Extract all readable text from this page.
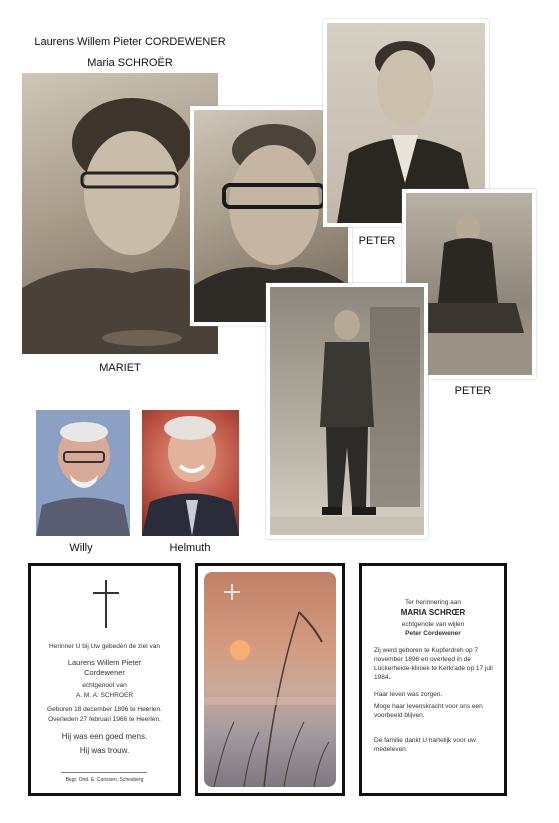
Laurens Willem Pieter CORDEWENER
Maria SCHROËR
MARIET
PETER
PETER
Willy	Helmuth
Herinner U bij Uw gebeden de ziel van
Laurens Willem Pieter
Cordewener
echtgenoot van
A. M. A. SCHROER
Geboren 18 december 1896 te Heerlen.
Overleden 27 februari 1966 te Heerlen.
Hij was een goed mens.
Hij was trouw.
Begr. Ond. E. Corissen, Schesberg
Ter herinnering aan
MARIA SCHRŒR
echtgenote van wijlen
Peter Cordewener
Zij werd geboren te Kupferdreh op 7 november 1896 en overleed in de Lückerheide-kliniek te Kerkrade op 17 juli 1984.
Haar leven was zorgen.
Moge haar levenskracht voor ons een voorbeeld blijven.
De familie dankt U hartelijk voor uw medeleven.
